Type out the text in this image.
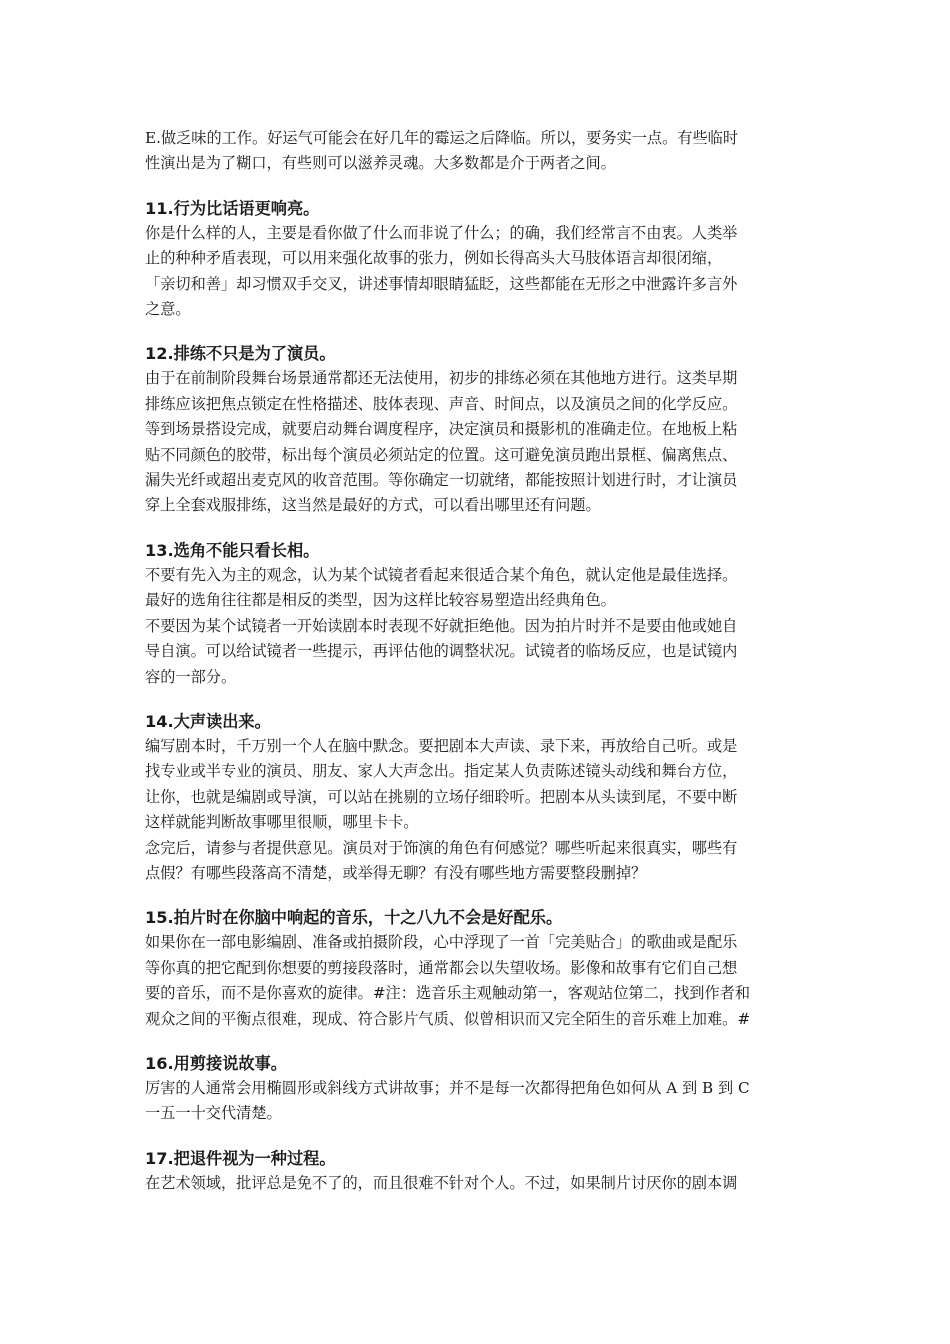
E.做乏味的工作。好运气可能会在好几年的霉运之后降临。所以，要务实一点。有些临时
性演出是为了糊口，有些则可以滋养灵魂。大多数都是介于两者之间。

11.行为比话语更响亮。

你是什么样的人，主要是看你做了什么而非说了什么；的确，我们经常言不由衷。人类举
止的种种矛盾表现，可以用来强化故事的张力，例如长得高头大马肢体语言却很闭缩，
「亲切和善」却习惯双手交叉，讲述事情却眼睛猛眨，这些都能在无形之中泄露许多言外
之意。

12.排练不只是为了演员。

由于在前制阶段舞台场景通常都还无法使用，初步的排练必须在其他地方进行。这类早期
排练应该把焦点锁定在性格描述、肢体表现、声音、时间点，以及演员之间的化学反应。
等到场景搭设完成，就要启动舞台调度程序，决定演员和摄影机的准确走位。在地板上粘
贴不同颜色的胶带，标出每个演员必须站定的位置。这可避免演员跑出景框、偏离焦点、
漏失光纤或超出麦克风的收音范围。等你确定一切就绪，都能按照计划进行时，才让演员
穿上全套戏服排练，这当然是最好的方式，可以看出哪里还有问题。

13.选角不能只看长相。

不要有先入为主的观念，认为某个试镜者看起来很适合某个角色，就认定他是最佳选择。
最好的选角往往都是相反的类型，因为这样比较容易塑造出经典角色。

不要因为某个试镜者一开始读剧本时表现不好就拒绝他。因为拍片时并不是要由他或她自
导自演。可以给试镜者一些提示，再评估他的调整状况。试镜者的临场反应，也是试镜内
容的一部分。

14.大声读出来。

编写剧本时，千万别一个人在脑中默念。要把剧本大声读、录下来，再放给自己听。或是
找专业或半专业的演员、朋友、家人大声念出。指定某人负责陈述镜头动线和舞台方位，
让你，也就是编剧或导演，可以站在挑剔的立场仔细聆听。把剧本从头读到尾，不要中断
这样就能判断故事哪里很顺，哪里卡卡。

念完后，请参与者提供意见。演员对于饰演的角色有何感觉？哪些听起来很真实，哪些有
点假？有哪些段落高不清楚，或举得无聊？有没有哪些地方需要整段删掉？

15.拍片时在你脑中响起的音乐，十之八九不会是好配乐。

如果你在一部电影编剧、准备或拍摄阶段，心中浮现了一首「完美贴合」的歌曲或是配乐
等你真的把它配到你想要的剪接段落时，通常都会以失望收场。影像和故事有它们自己想
要的音乐，而不是你喜欢的旋律。#注：选音乐主观触动第一，客观站位第二，找到作者和
观众之间的平衡点很难，现成、符合影片气质、似曾相识而又完全陌生的音乐难上加难。#

16.用剪接说故事。

厉害的人通常会用椭圆形或斜线方式讲故事；并不是每一次都得把角色如何从 A 到 B 到 C
一五一十交代清楚。

17.把退件视为一种过程。

在艺术领域，批评总是免不了的，而且很难不针对个人。不过，如果制片讨厌你的剧本调
